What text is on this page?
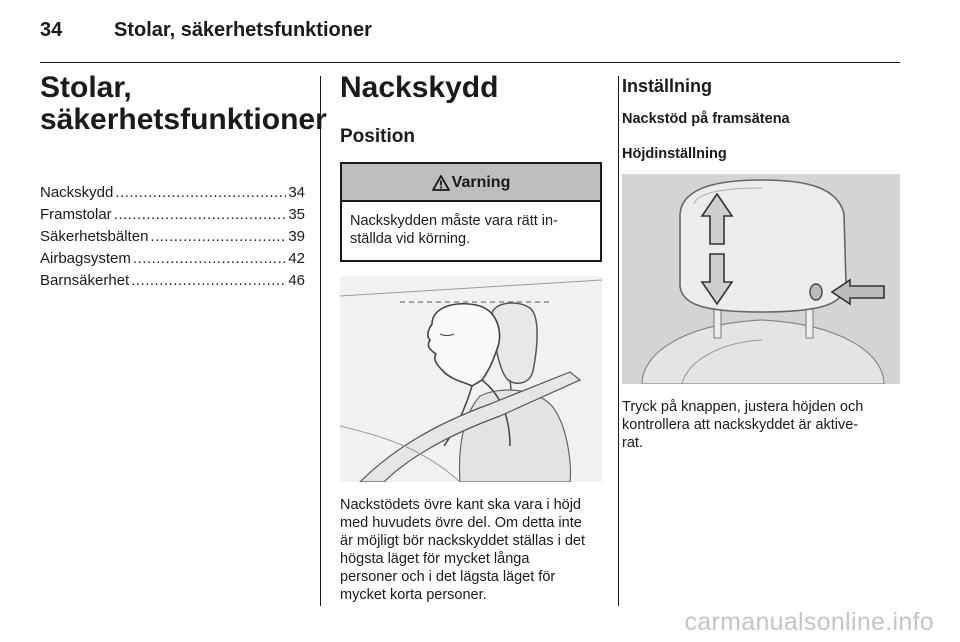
34	Stolar, säkerhetsfunktioner
Stolar,
säkerhetsfunktioner
Nackskydd .....	34
Framstolar .....	35
Säkerhetsbälten .....	39
Airbagsystem .....	42
Barnsäkerhet .....	46
Nackskydd
Position
Varning
Nackskydden måste vara rätt in-
ställda vid körning.
Nackstödets övre kant ska vara i höjd
med huvudets övre del. Om detta inte
är möjligt bör nackskyddet ställas i det
högsta läget för mycket långa
personer och i det lägsta läget för
mycket korta personer.
Inställning
Nackstöd på framsätena
Höjdinställning
Tryck på knappen, justera höjden och
kontrollera att nackskyddet är aktive-
rat.
carmanualsonline.info
